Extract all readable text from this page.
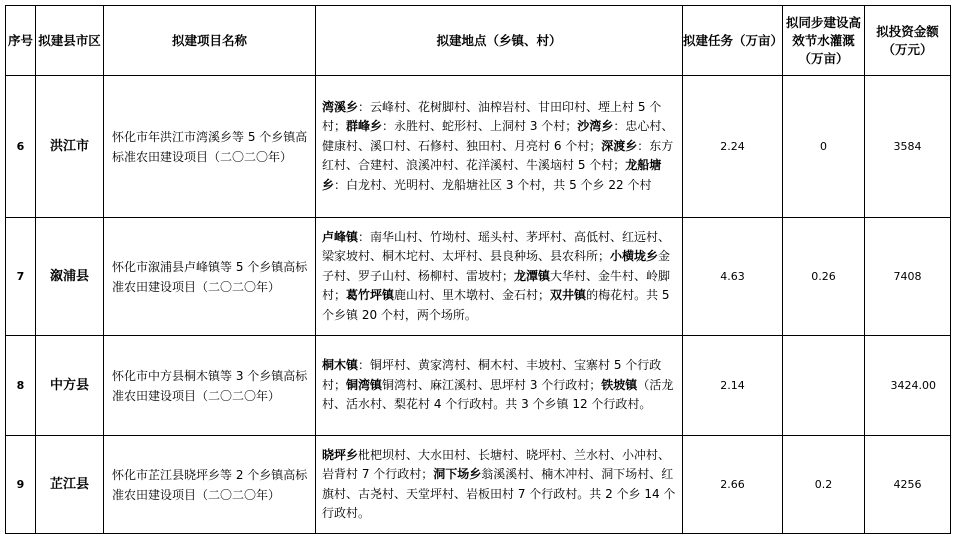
序号	拟建县市区	拟建项目名称	拟建地点（乡镇、村）	拟建任务（万亩）	拟同步建设高效节水灌溉（万亩）	拟投资金额（万元）
6	洪江市	怀化市年洪江市湾溪乡等 5 个乡镇高标准农田建设项目（二〇二〇年）	湾溪乡：云峰村、花树脚村、油榨岩村、甘田印村、堙上村 5 个村；群峰乡：永胜村、蛇形村、上洞村 3 个村；沙湾乡：忠心村、健康村、溪口村、石修村、独田村、月亮村 6 个村；深渡乡：东方红村、合建村、浪溪冲村、花洋溪村、牛溪垴村 5 个村；龙船塘乡：白龙村、光明村、龙船塘社区 3 个村，共 5 个乡 22 个村	2.24	0	3584
7	溆浦县	怀化市溆浦县卢峰镇等 5 个乡镇高标准农田建设项目（二〇二〇年）	卢峰镇：南华山村、竹坳村、瑶头村、茅坪村、高低村、红远村、梁家坡村、桐木坨村、太坪村、县良种场、县农科所；小横垅乡金子村、罗子山村、杨柳村、雷坡村；龙潭镇大华村、金牛村、岭脚村；葛竹坪镇鹿山村、里木墩村、金石村；双井镇的梅花村。共 5 个乡镇 20 个村，两个场所。	4.63	0.26	7408
8	中方县	怀化市中方县桐木镇等 3 个乡镇高标准农田建设项目（二〇二〇年）	桐木镇：铜坪村、黄家湾村、桐木村、丰坡村、宝寨村 5 个行政村；铜湾镇铜湾村、麻江溪村、思坪村 3 个行政村；铁坡镇（活龙村、活水村、梨花村 4 个行政村。共 3 个乡镇 12 个行政村。	2.14		3424.00
9	芷江县	怀化市芷江县晓坪乡等 2 个乡镇高标准农田建设项目（二〇二〇年）	晓坪乡枇杷坝村、大水田村、长塘村、晓坪村、兰水村、小冲村、岩背村 7 个行政村；洞下场乡翁溪溪村、楠木冲村、洞下场村、红旗村、古尧村、天堂坪村、岩板田村 7 个行政村。共 2 个乡 14 个行政村。	2.66	0.2	4256
